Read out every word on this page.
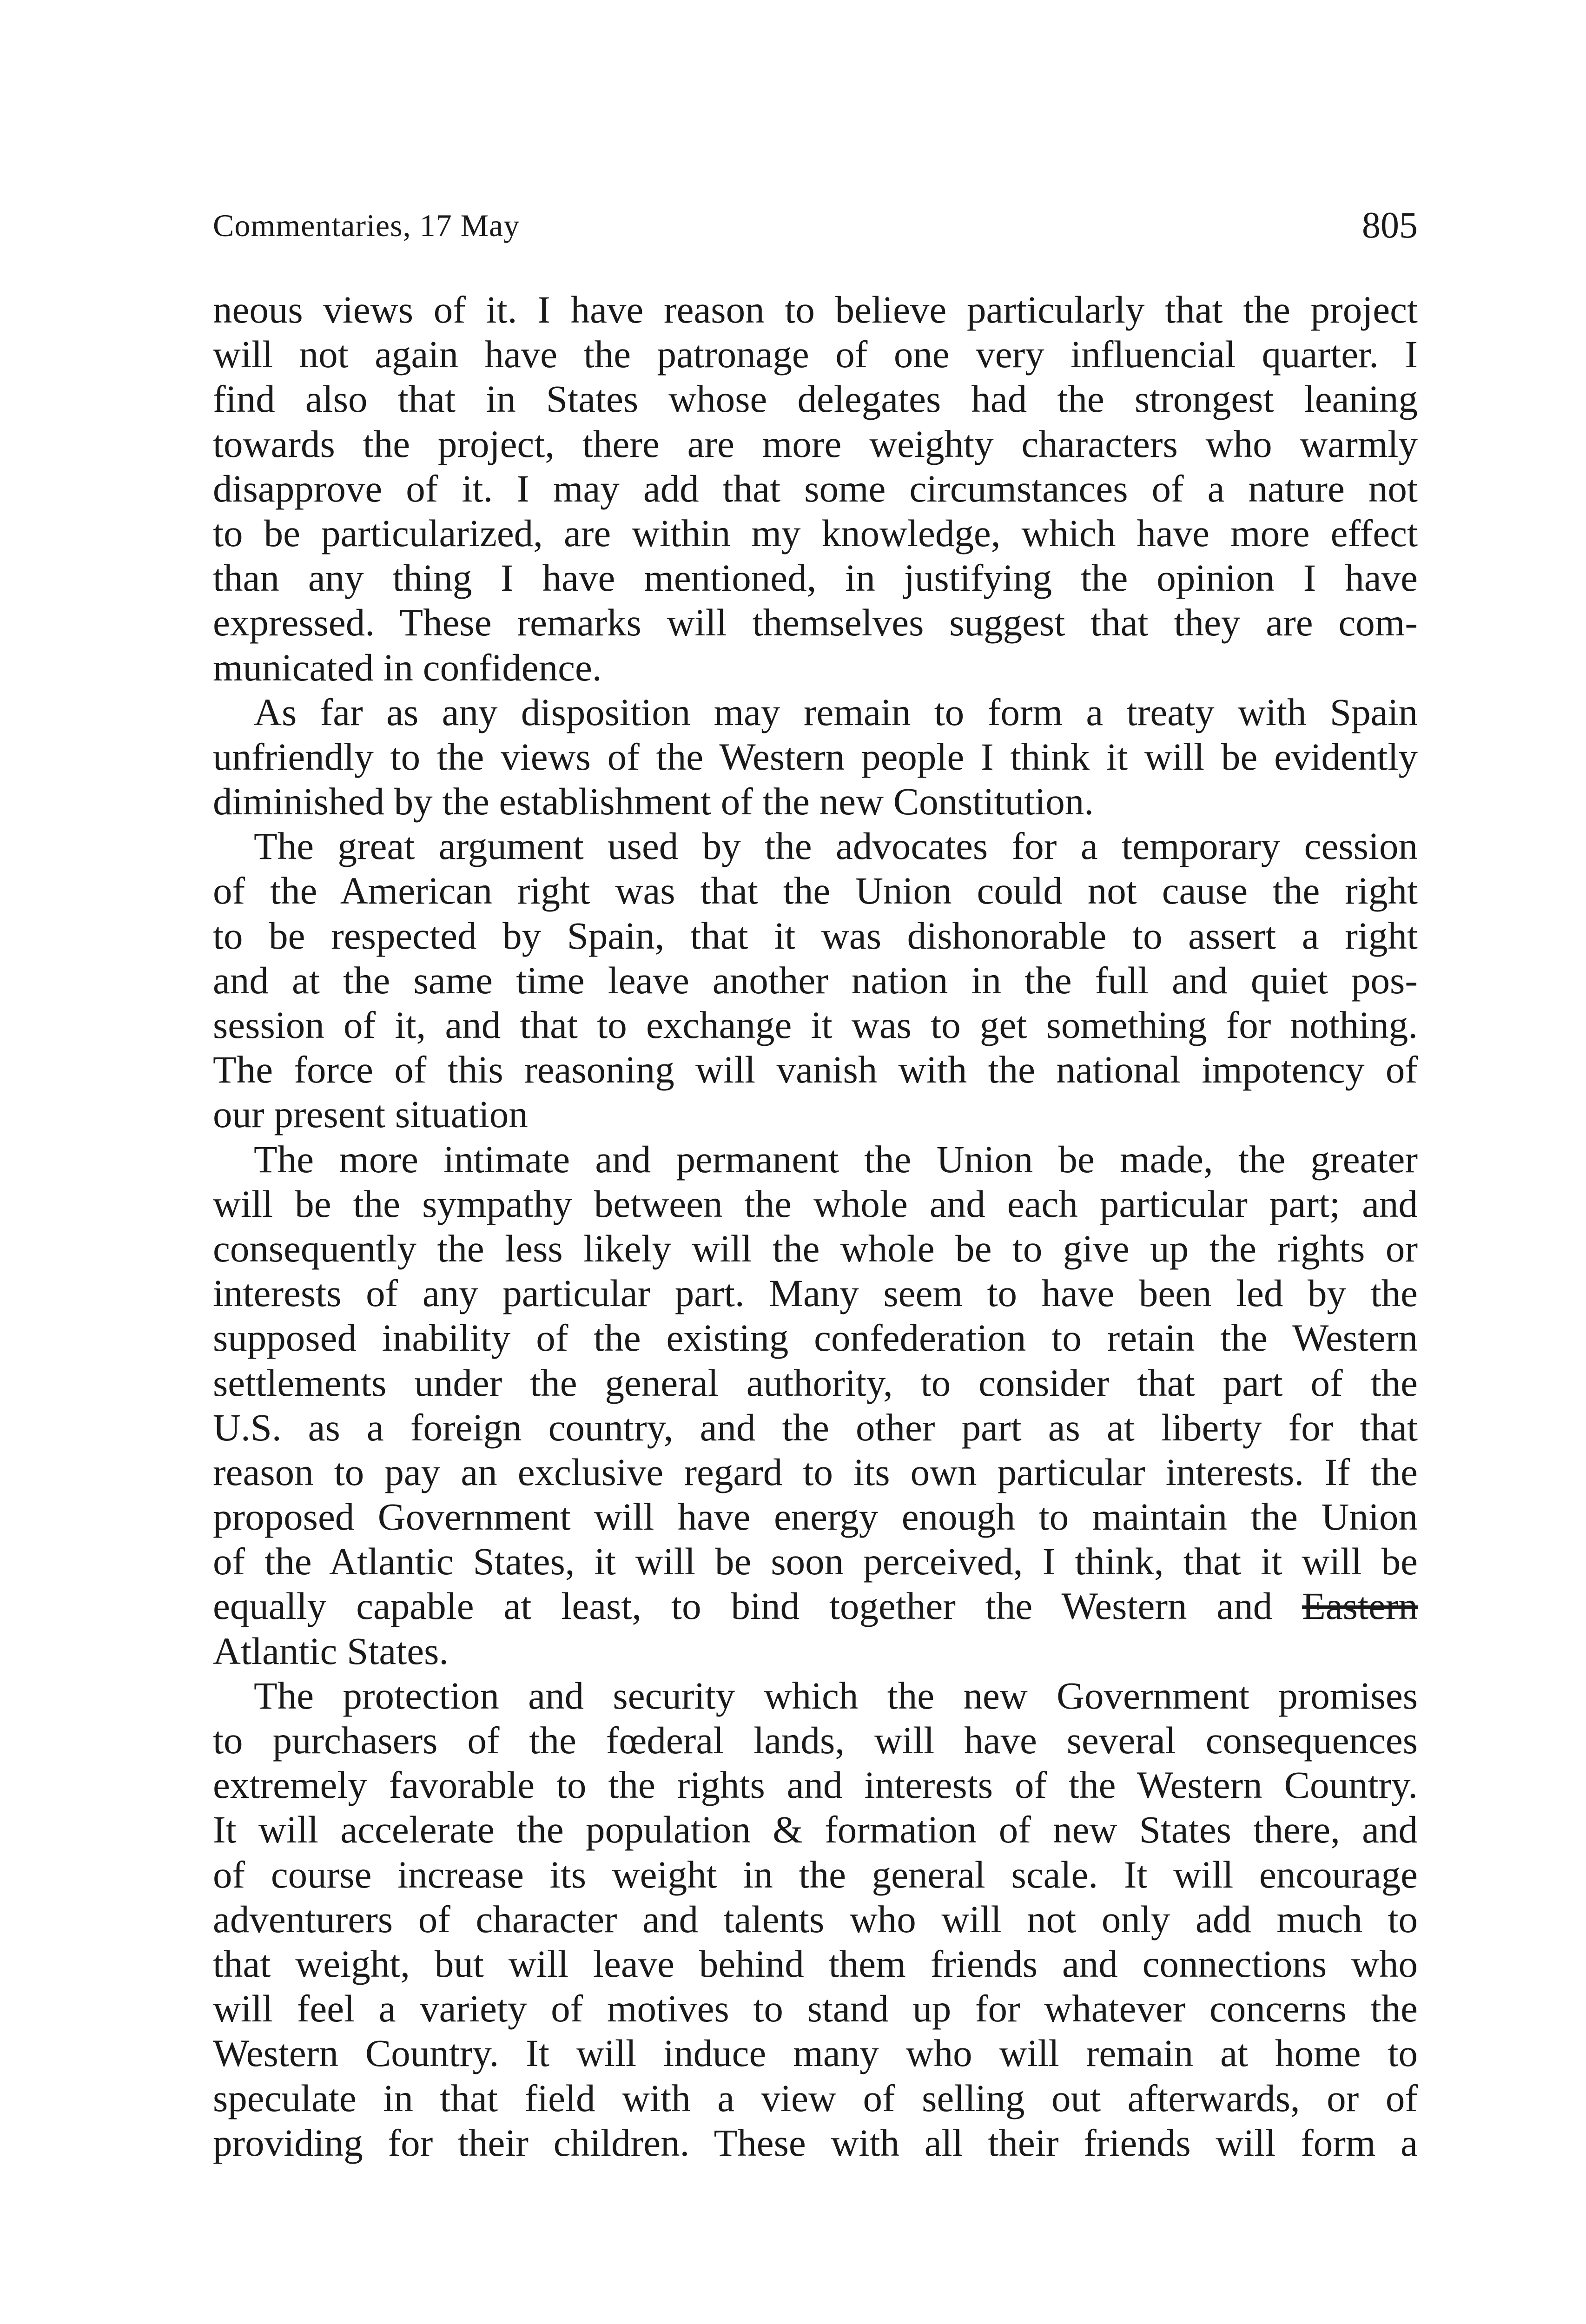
Commentaries, 17 May	805
neous views of it. I have reason to believe particularly that the project
will not again have the patronage of one very influencial quarter. I
find also that in States whose delegates had the strongest leaning
towards the project, there are more weighty characters who warmly
disapprove of it. I may add that some circumstances of a nature not
to be particularized, are within my knowledge, which have more effect
than any thing I have mentioned, in justifying the opinion I have
expressed. These remarks will themselves suggest that they are com-
municated in confidence.
As far as any disposition may remain to form a treaty with Spain
unfriendly to the views of the Western people I think it will be evidently
diminished by the establishment of the new Constitution.
The great argument used by the advocates for a temporary cession
of the American right was that the Union could not cause the right
to be respected by Spain, that it was dishonorable to assert a right
and at the same time leave another nation in the full and quiet pos-
session of it, and that to exchange it was to get something for nothing.
The force of this reasoning will vanish with the national impotency of
our present situation
The more intimate and permanent the Union be made, the greater
will be the sympathy between the whole and each particular part; and
consequently the less likely will the whole be to give up the rights or
interests of any particular part. Many seem to have been led by the
supposed inability of the existing confederation to retain the Western
settlements under the general authority, to consider that part of the
U.S. as a foreign country, and the other part as at liberty for that
reason to pay an exclusive regard to its own particular interests. If the
proposed Government will have energy enough to maintain the Union
of the Atlantic States, it will be soon perceived, I think, that it will be
equally capable at least, to bind together the Western and Eastern
Atlantic States.
The protection and security which the new Government promises
to purchasers of the fœderal lands, will have several consequences
extremely favorable to the rights and interests of the Western Country.
It will accelerate the population & formation of new States there, and
of course increase its weight in the general scale. It will encourage
adventurers of character and talents who will not only add much to
that weight, but will leave behind them friends and connections who
will feel a variety of motives to stand up for whatever concerns the
Western Country. It will induce many who will remain at home to
speculate in that field with a view of selling out afterwards, or of
providing for their children. These with all their friends will form a
